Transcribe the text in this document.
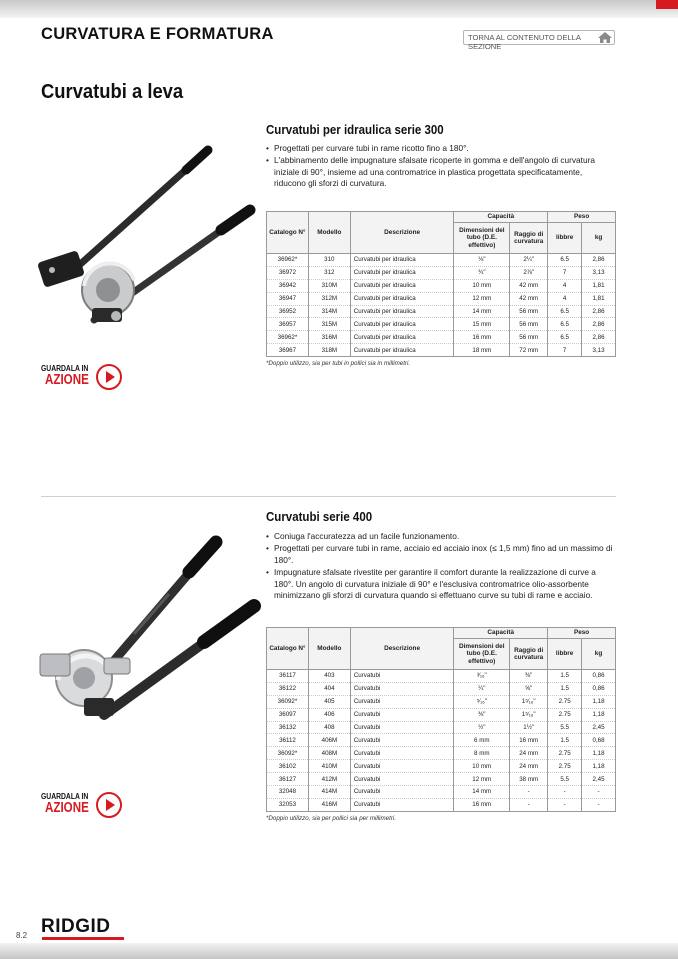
CURVATURA E FORMATURA	TORNA AL CONTENUTO DELLA SEZIONE
Curvatubi a leva
Curvatubi per idraulica serie 300
• Progettati per curvare tubi in rame ricotto fino a 180°.
• L'abbinamento delle impugnature sfalsate ricoperte in gomma e dell'angolo di curvatura iniziale di 90°, insieme ad una contromatrice in plastica progettata specificatamente, riducono gli sforzi di curvatura.
Catalogo N°	Modello	Descrizione	Capacità		Peso	
			Dimensioni del tubo (D.E. effettivo)	Raggio di curvatura	libbre	kg
36962*	310	Curvatubi per idraulica	⅛"	2¼"	6.5	2,86
36972	312	Curvatubi per idraulica	¾"	2⅞"	7	3,13
36942	310M	Curvatubi per idraulica	10 mm	42 mm	4	1,81
36947	312M	Curvatubi per idraulica	12 mm	42 mm	4	1,81
36952	314M	Curvatubi per idraulica	14 mm	56 mm	6.5	2,86
36957	315M	Curvatubi per idraulica	15 mm	56 mm	6.5	2,86
36962*	316M	Curvatubi per idraulica	16 mm	56 mm	6.5	2,86
36967	318M	Curvatubi per idraulica	18 mm	72 mm	7	3,13
*Doppio utilizzo, sia per tubi in pollici sia in millimetri.
GUARDALA IN
AZIONE
Curvatubi serie 400
• Coniuga l'accuratezza ad un facile funzionamento.
• Progettati per curvare tubi in rame, acciaio ed acciaio inox (≤ 1,5 mm) fino ad un massimo di 180°.
• Impugnature sfalsate rivestite per garantire il comfort durante la realizzazione di curve a 180°. Un angolo di curvatura iniziale di 90° e l'esclusiva contromatrice olio-assorbente minimizzano gli sforzi di curvatura quando si effettuano curve su tubi di rame e acciaio.
Catalogo N°	Modello	Descrizione	Capacità		Peso	
			Dimensioni del tubo (D.E. effettivo)	Raggio di curvatura	libbre	kg
36117	403	Curvatubi	³⁄₁₆"	⅜"	1.5	0,86
36122	404	Curvatubi	¼"	⅝"	1.5	0,86
36092*	405	Curvatubi	⁵⁄₁₆"	1⁵⁄₁₆"	2.75	1,18
36097	406	Curvatubi	⅜"	1⁵⁄₁₆"	2.75	1,18
36132	408	Curvatubi	½"	1½"	5.5	2,45
36112	406M	Curvatubi	6 mm	16 mm	1.5	0,68
36092*	408M	Curvatubi	8 mm	24 mm	2.75	1,18
36102	410M	Curvatubi	10 mm	24 mm	2.75	1,18
36127	412M	Curvatubi	12 mm	38 mm	5.5	2,45
32048	414M	Curvatubi	14 mm	-	-	-
32053	416M	Curvatubi	16 mm	-	-	-
*Doppio utilizzo, sia per pollici sia per millimetri.
GUARDALA IN
AZIONE
8.2 RIDGID
